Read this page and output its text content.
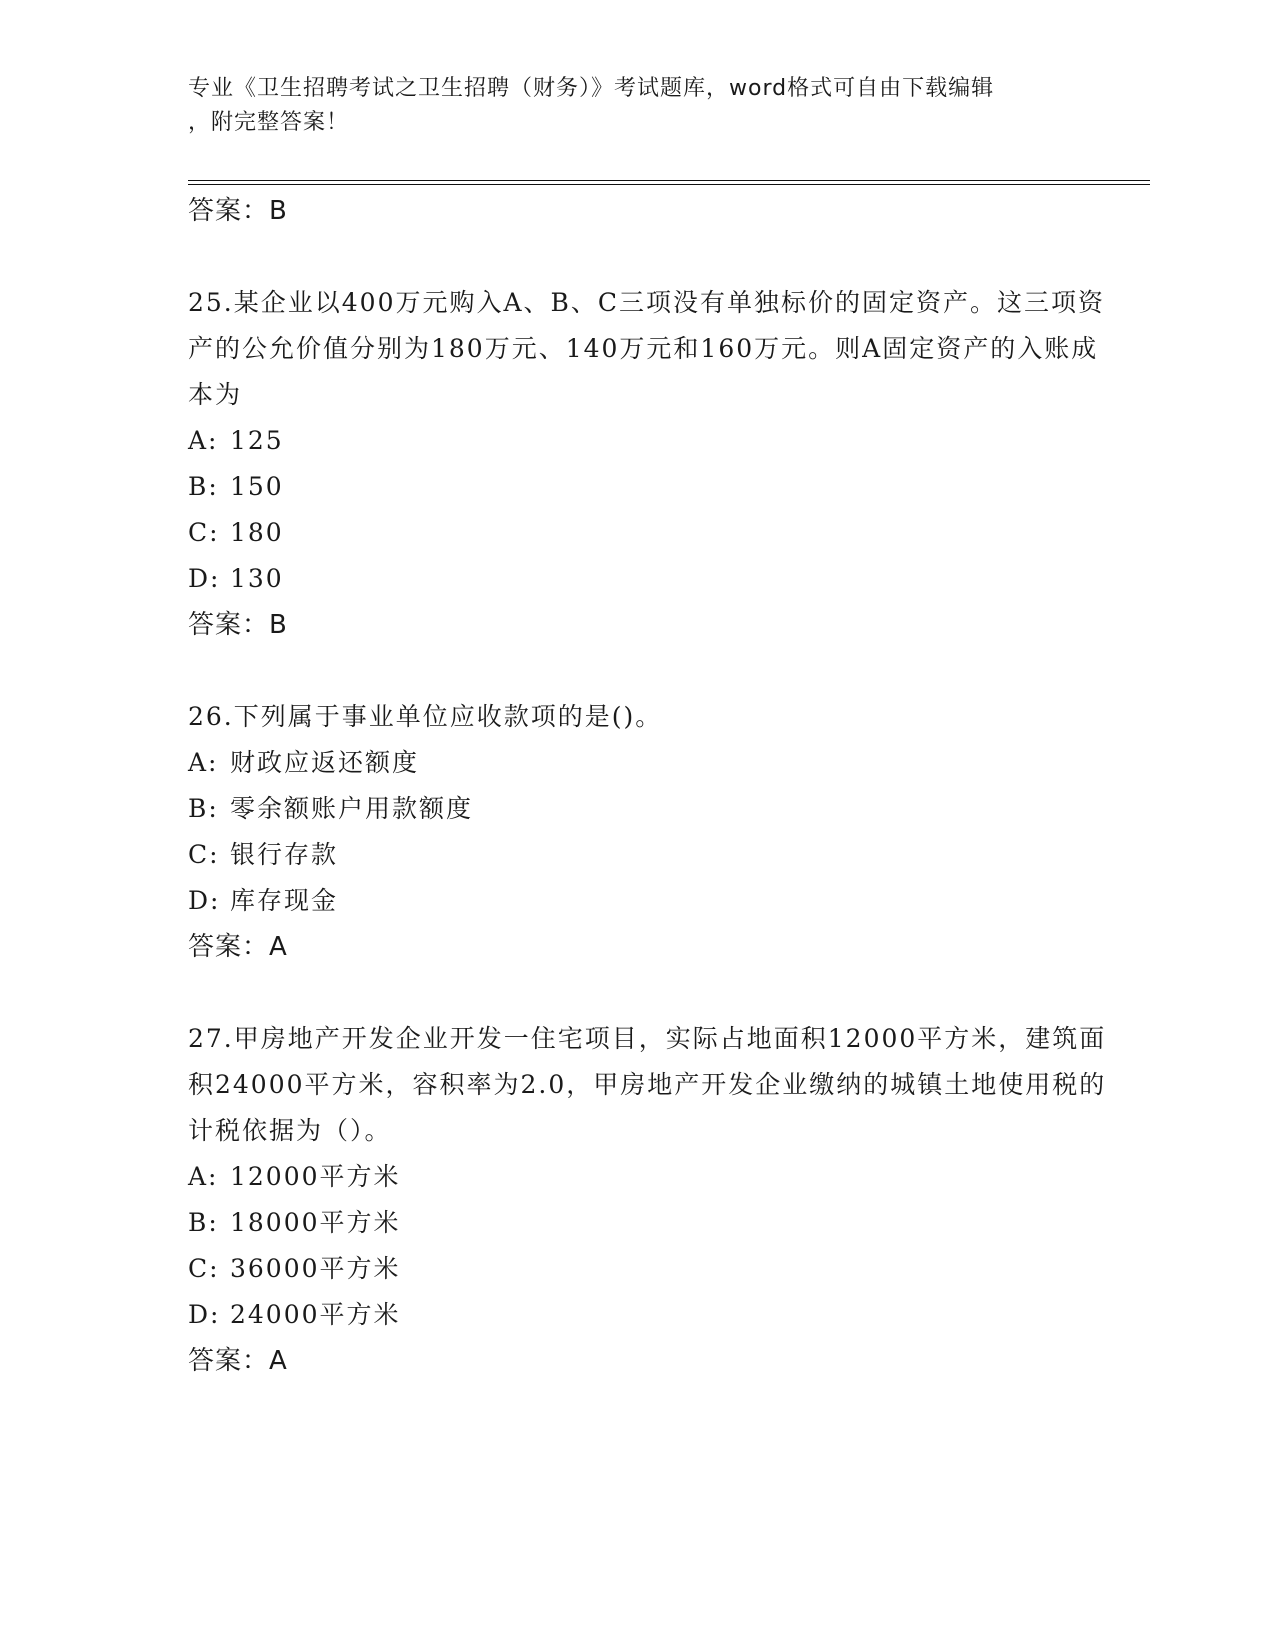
专业《卫生招聘考试之卫生招聘（财务）》考试题库，word格式可自由下载编辑
，附完整答案！
答案：B
25.某企业以400万元购入A、B、C三项没有单独标价的固定资产。这三项资产的公允价值分别为180万元、140万元和160万元。则A固定资产的入账成本为
A: 125
B: 150
C: 180
D: 130
答案：B
26.下列属于事业单位应收款项的是()。
A: 财政应返还额度
B: 零余额账户用款额度
C: 银行存款
D: 库存现金
答案：A
27.甲房地产开发企业开发一住宅项目，实际占地面积12000平方米，建筑面积24000平方米，容积率为2.0，甲房地产开发企业缴纳的城镇土地使用税的计税依据为（）。
A: 12000平方米
B: 18000平方米
C: 36000平方米
D: 24000平方米
答案：A
